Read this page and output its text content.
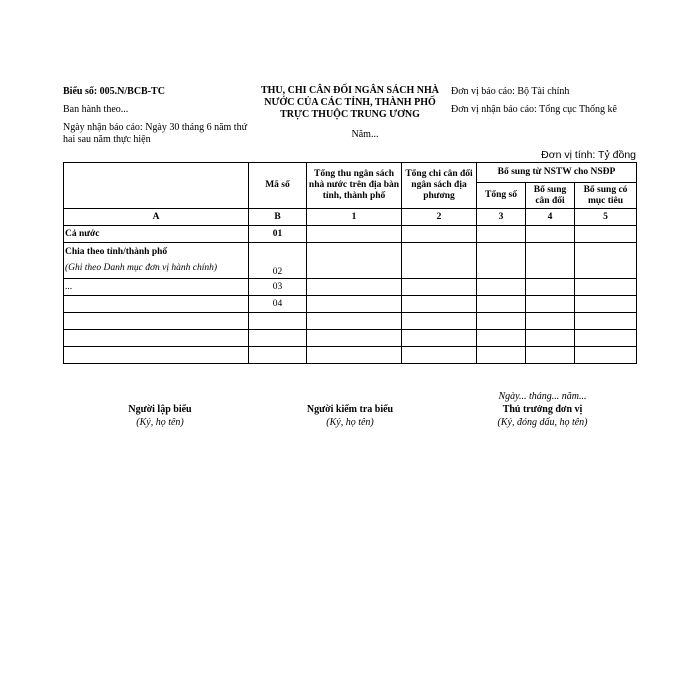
Biểu số: 005.N/BCB-TC
Ban hành theo...
Ngày nhận báo cáo: Ngày 30 tháng 6 năm thứ hai sau năm thực hiện
THU, CHI CÂN ĐỐI NGÂN SÁCH NHÀ
NƯỚC CỦA CÁC TỈNH, THÀNH PHỐ
TRỰC THUỘC TRUNG ƯƠNG
Năm...
Đơn vị báo cáo: Bộ Tài chính
Đơn vị nhận báo cáo: Tổng cục Thống kê
Đơn vị tính: Tỷ đồng
	Mã số	Tổng thu ngân sách nhà nước trên địa bàn tỉnh, thành phố	Tổng chi cân đối ngân sách địa phương	Bổ sung từ NSTW cho NSĐP		
				Tổng số	Bổ sung cân đối	Bổ sung có mục tiêu
A	B	1	2	3	4	5
Cả nước	01					

Chia theo tỉnh/thành phố
(Ghi theo Danh mục đơn vị hành chính)	02					
...	03					
	04					

Người lập biểu
(Ký, họ tên)
Người kiểm tra biểu
(Ký, họ tên)
Ngày... tháng... năm...
Thủ trưởng đơn vị
(Ký, đóng dấu, họ tên)
